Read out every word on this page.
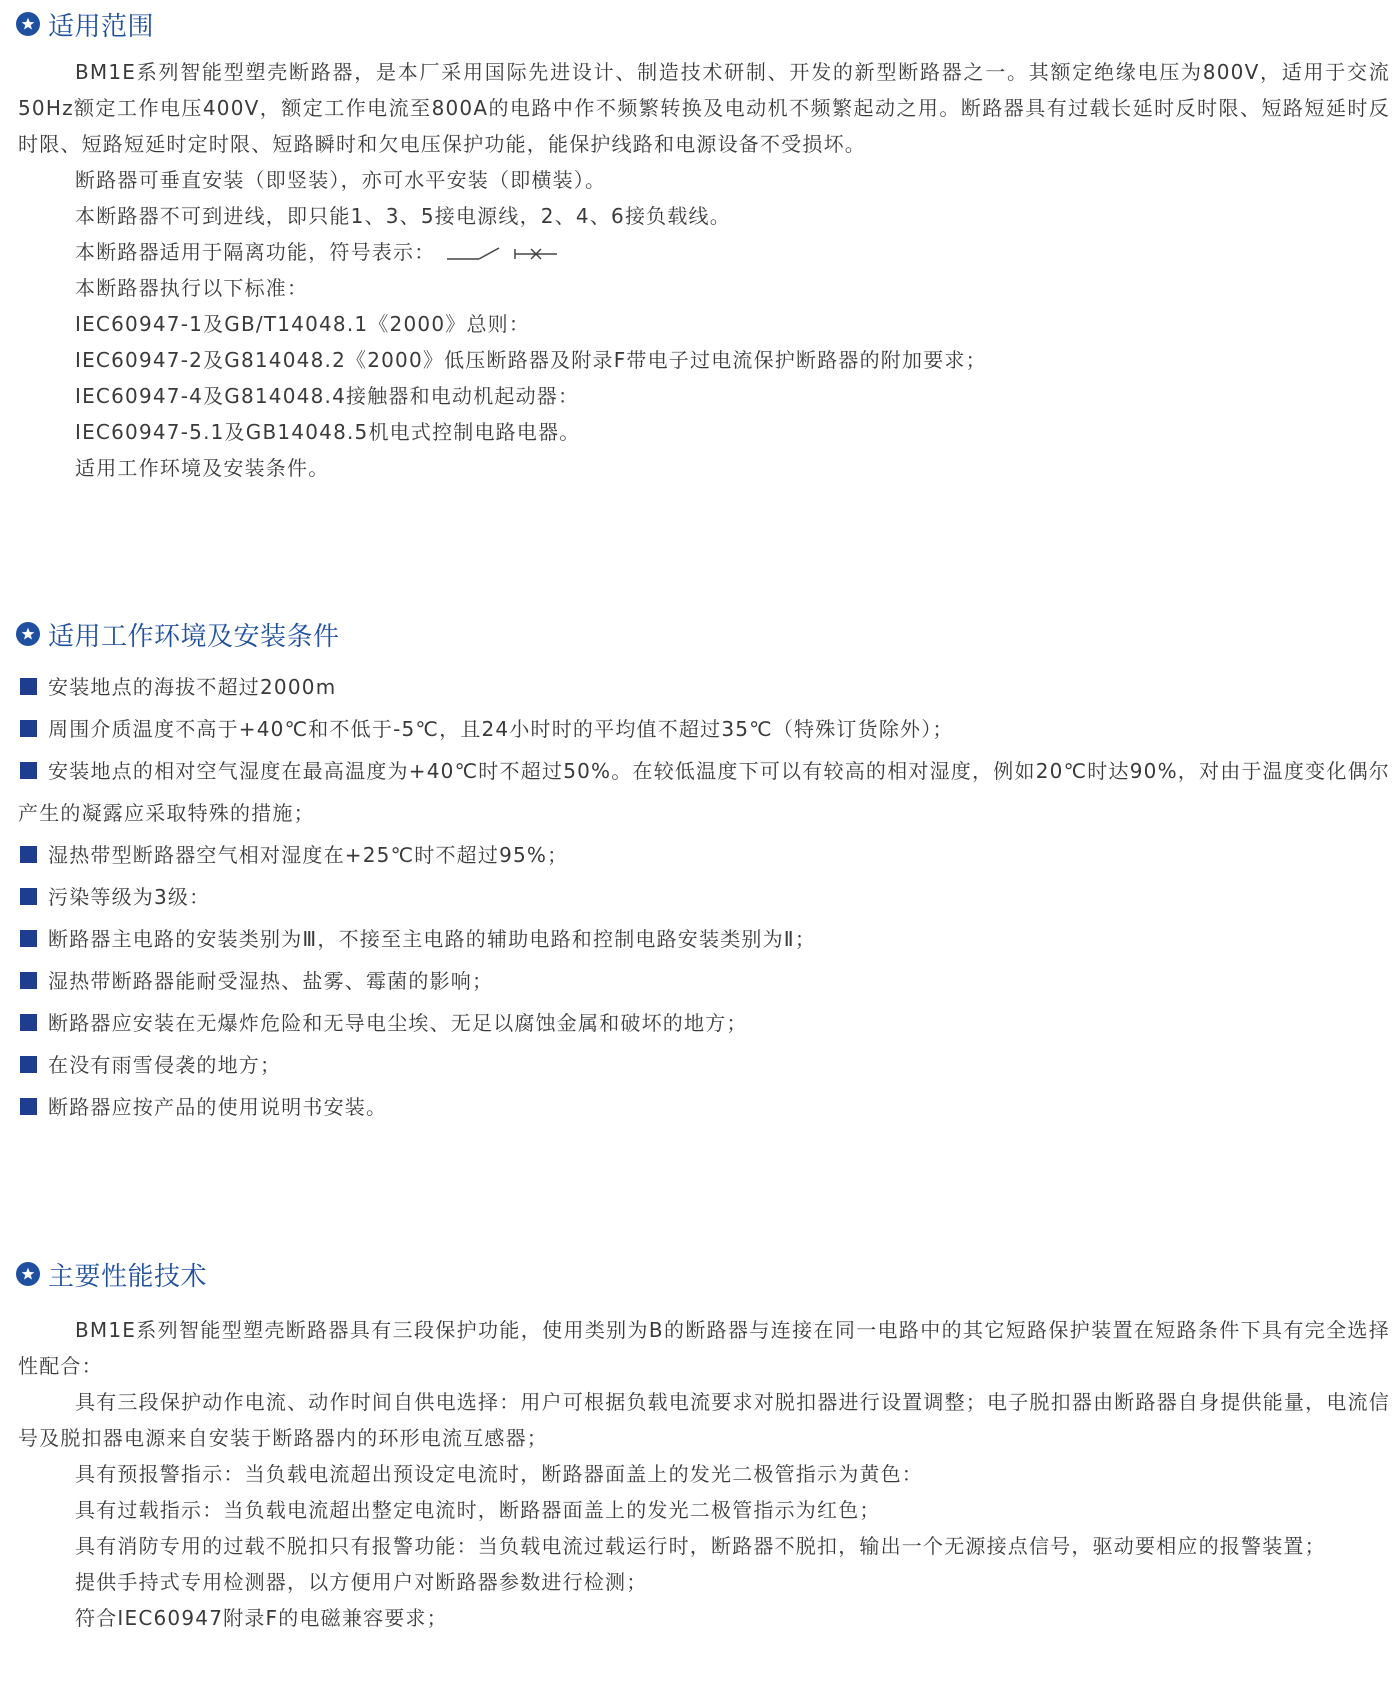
适用范围

BM1E系列智能型塑壳断路器，是本厂采用国际先进设计、制造技术研制、开发的新型断路器之一。其额定绝缘电压为800V，适用于交流50Hz额定工作电压400V，额定工作电流至800A的电路中作不频繁转换及电动机不频繁起动之用。断路器具有过载长延时反时限、短路短延时反时限、短路短延时定时限、短路瞬时和欠电压保护功能，能保护线路和电源设备不受损坏。

断路器可垂直安装（即竖装），亦可水平安装（即横装）。

本断路器不可到进线，即只能1、3、5接电源线，2、4、6接负载线。

本断路器适用于隔离功能，符号表示：

本断路器执行以下标准：

IEC60947-1及GB/T14048.1《2000》总则：

IEC60947-2及G814048.2《2000》低压断路器及附录F带电子过电流保护断路器的附加要求；

IEC60947-4及G814048.4接触器和电动机起动器：

IEC60947-5.1及GB14048.5机电式控制电路电器。

适用工作环境及安装条件。

适用工作环境及安装条件
安装地点的海拔不超过2000m
周围介质温度不高于+40℃和不低于-5℃，且24小时时的平均值不超过35℃（特殊订货除外）；
安装地点的相对空气湿度在最高温度为+40℃时不超过50%。在较低温度下可以有较高的相对湿度，例如20℃时达90%，对由于温度变化偶尔产生的凝露应采取特殊的措施；
湿热带型断路器空气相对湿度在+25℃时不超过95%；
污染等级为3级：
断路器主电路的安装类别为Ⅲ，不接至主电路的辅助电路和控制电路安装类别为Ⅱ；
湿热带断路器能耐受湿热、盐雾、霉菌的影响；
断路器应安装在无爆炸危险和无导电尘埃、无足以腐蚀金属和破坏的地方；
在没有雨雪侵袭的地方；
断路器应按产品的使用说明书安装。
主要性能技术

BM1E系列智能型塑壳断路器具有三段保护功能，使用类别为B的断路器与连接在同一电路中的其它短路保护装置在短路条件下具有完全选择性配合：

具有三段保护动作电流、动作时间自供电选择：用户可根据负载电流要求对脱扣器进行设置调整；电子脱扣器由断路器自身提供能量，电流信号及脱扣器电源来自安装于断路器内的环形电流互感器；

具有预报警指示：当负载电流超出预设定电流时，断路器面盖上的发光二极管指示为黄色：

具有过载指示：当负载电流超出整定电流时，断路器面盖上的发光二极管指示为红色；

具有消防专用的过载不脱扣只有报警功能：当负载电流过载运行时，断路器不脱扣，输出一个无源接点信号，驱动要相应的报警装置；

提供手持式专用检测器，以方便用户对断路器参数进行检测；

符合IEC60947附录F的电磁兼容要求；
